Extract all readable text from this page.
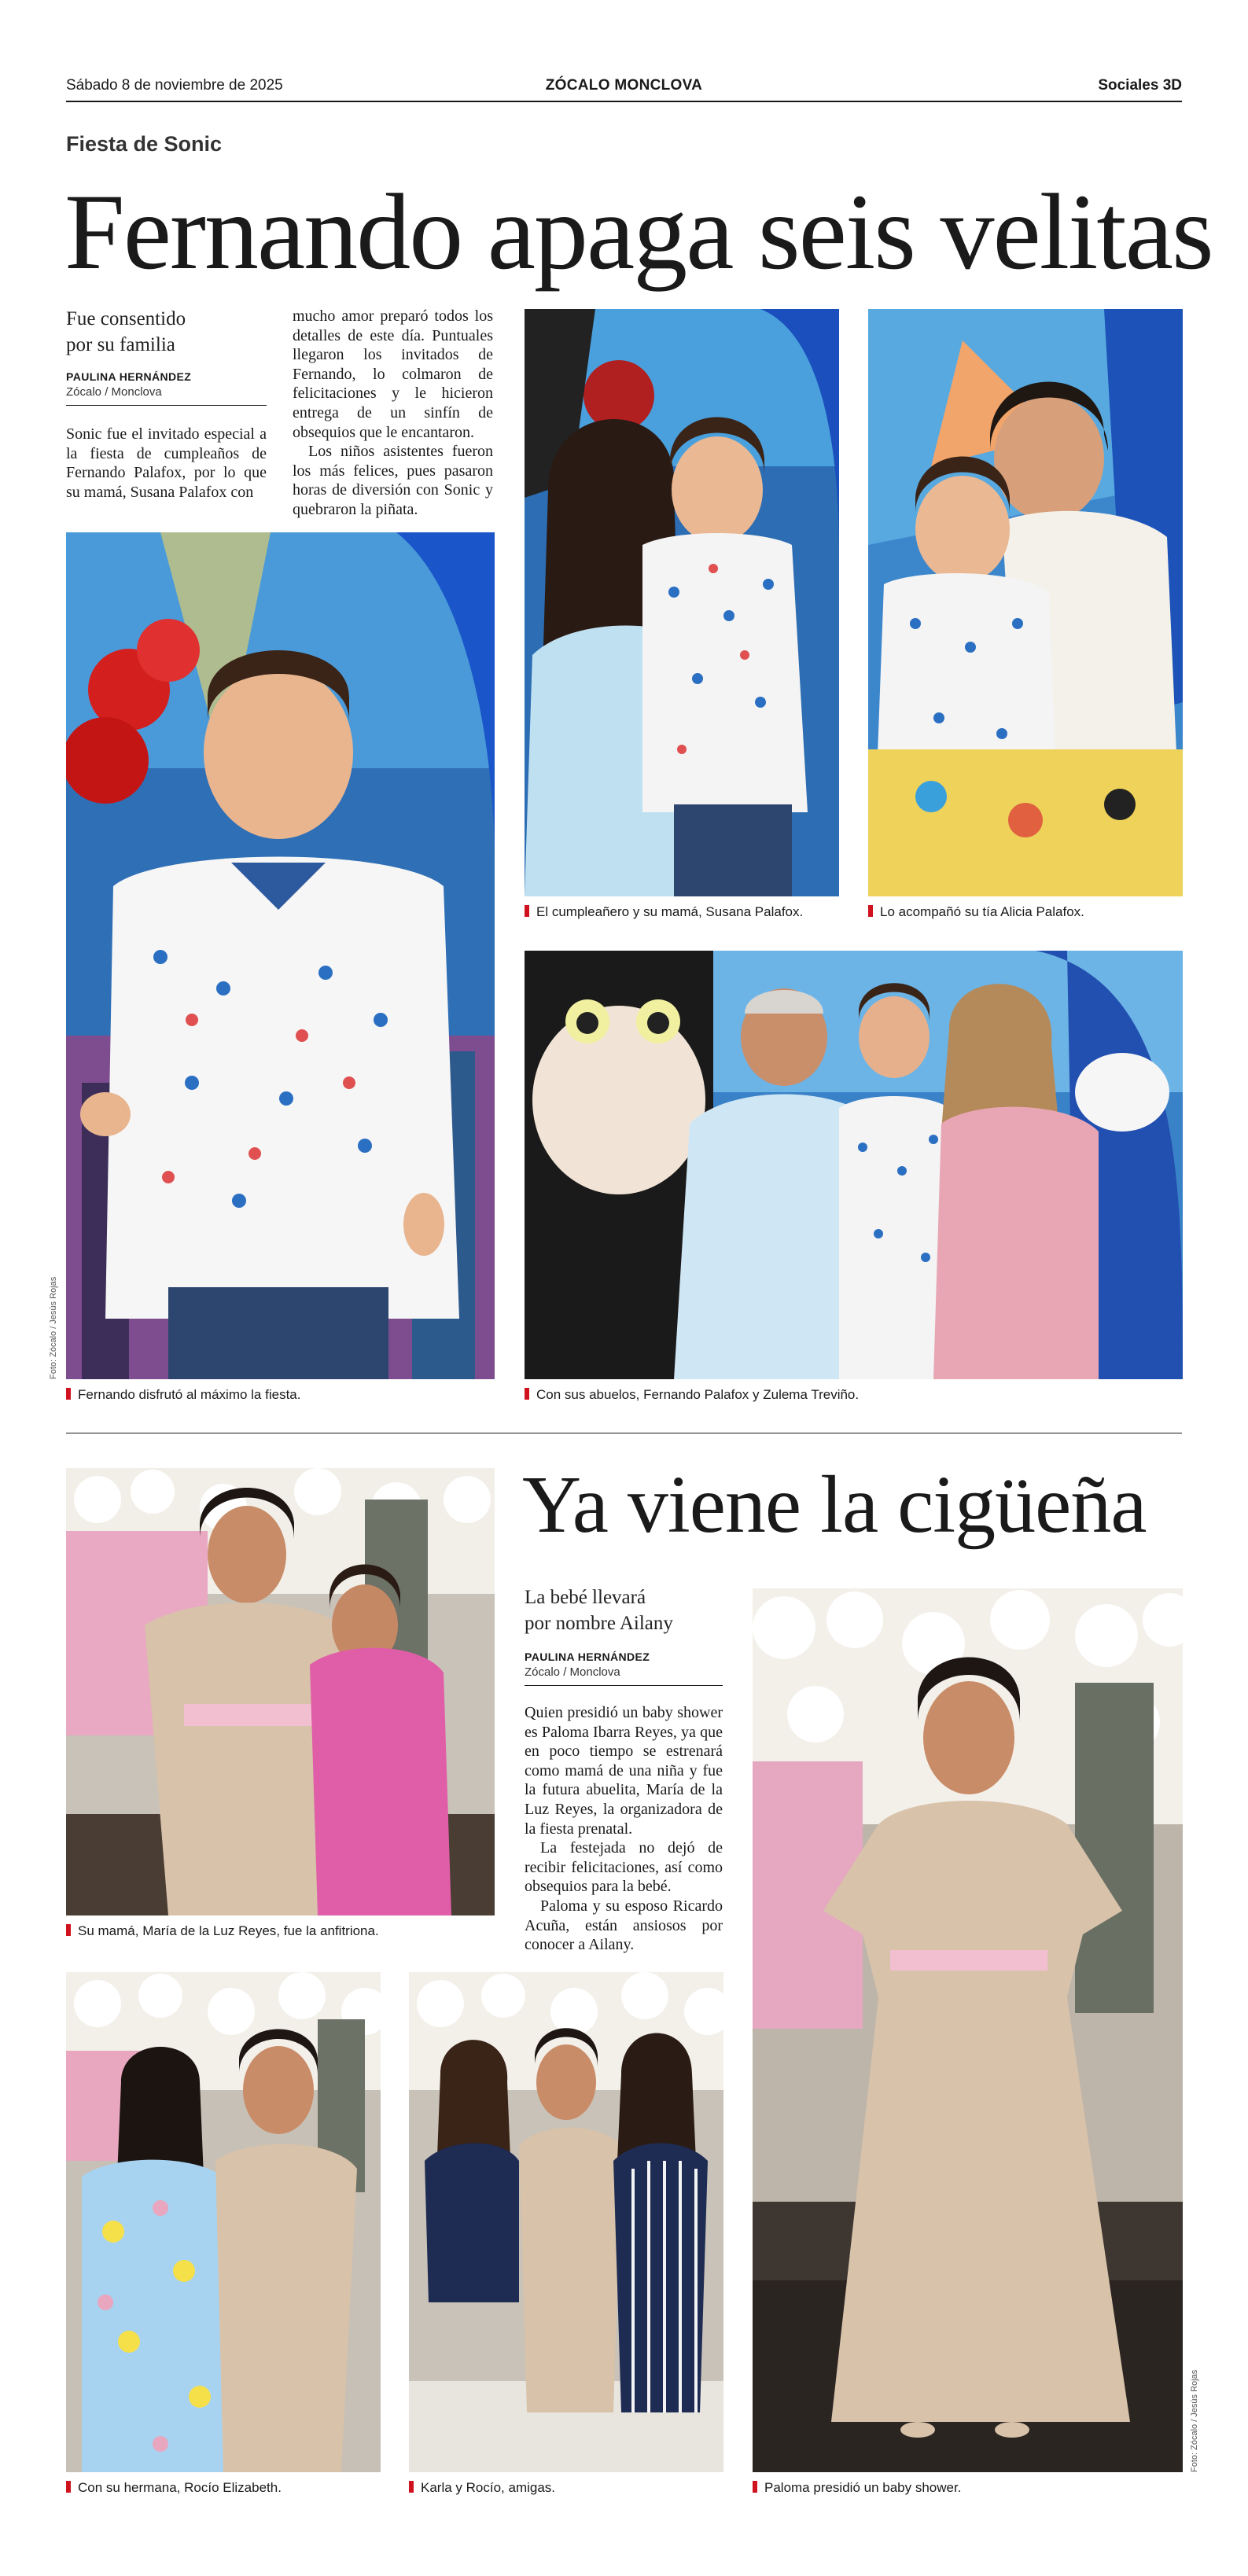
Sábado 8 de noviembre de 2025	ZÓCALO MONCLOVA	Sociales 3D
Fiesta de Sonic
Fernando apaga seis velitas
Fue consentido
por su familia
PAULINA HERNÁNDEZ
Zócalo / Monclova

Sonic fue el invitado especial a la fiesta de cumpleaños de Fernando Palafox, por lo que su mamá, Susana Palafox con

mucho amor preparó todos los detalles de este día. Puntuales llegaron los invitados de Fernando, lo colmaron de felicitaciones y le hicieron entrega de un sinfín de obsequios que le encantaron.

Los niños asistentes fueron los más felices, pues pasaron horas de diversión con Sonic y quebraron la piñata.

Foto: Zócalo / Jesús Rojas
Fernando disfrutó al máximo la fiesta.
El cumpleañero y su mamá, Susana Palafox.	Lo acompañó su tía Alicia Palafox.
Con sus abuelos, Fernando Palafox y Zulema Treviño.
Ya viene la cigüeña
La bebé llevará
por nombre Ailany
PAULINA HERNÁNDEZ
Zócalo / Monclova

Quien presidió un baby shower es Paloma Ibarra Reyes, ya que en poco tiempo se estrenará como mamá de una niña y fue la futura abuelita, María de la Luz Reyes, la organizadora de la fiesta prenatal.

La festejada no dejó de recibir felicitaciones, así como obsequios para la bebé.

Paloma y su esposo Ricardo Acuña, están ansiosos por conocer a Ailany.

Su mamá, María de la Luz Reyes, fue la anfitriona.
Con su hermana, Rocío Elizabeth.	Karla y Rocío, amigas.
Foto: Zócalo / Jesús Rojas
Paloma presidió un baby shower.
